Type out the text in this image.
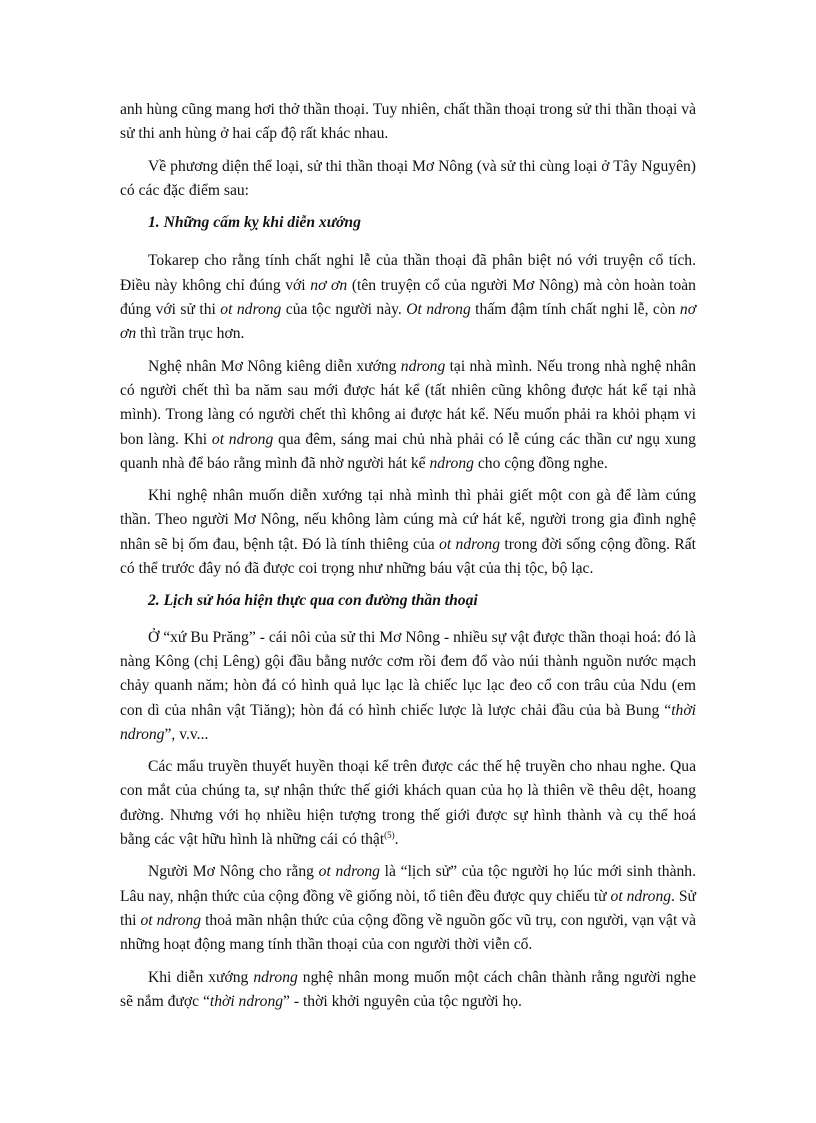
anh hùng cũng mang hơi thở thần thoại. Tuy nhiên, chất thần thoại trong sử thi thần thoại và sử thi anh hùng ở hai cấp độ rất khác nhau.

Về phương diện thể loại, sử thi thần thoại Mơ Nông (và sử thi cùng loại ở Tây Nguyên) có các đặc điểm sau:

1. Những cấm kỵ khi diễn xướng

Tokarep cho rằng tính chất nghi lễ của thần thoại đã phân biệt nó với truyện cổ tích. Điều này không chỉ đúng với nơ ơn (tên truyện cổ của người Mơ Nông) mà còn hoàn toàn đúng với sử thi ot ndrong của tộc người này. Ot ndrong thấm đậm tính chất nghi lễ, còn nơ ơn thì trần trục hơn.

Nghệ nhân Mơ Nông kiêng diễn xướng ndrong tại nhà mình. Nếu trong nhà nghệ nhân có người chết thì ba năm sau mới được hát kể (tất nhiên cũng không được hát kể tại nhà mình). Trong làng có người chết thì không ai được hát kể. Nếu muốn phải ra khỏi phạm vi bon làng. Khi ot ndrong qua đêm, sáng mai chủ nhà phải có lễ cúng các thần cư ngụ xung quanh nhà để báo rằng mình đã nhờ người hát kể ndrong cho cộng đồng nghe.

Khi nghệ nhân muốn diễn xướng tại nhà mình thì phải giết một con gà để làm cúng thần. Theo người Mơ Nông, nếu không làm cúng mà cứ hát kể, người trong gia đình nghệ nhân sẽ bị ốm đau, bệnh tật. Đó là tính thiêng của ot ndrong trong đời sống cộng đồng. Rất có thể trước đây nó đã được coi trọng như những báu vật của thị tộc, bộ lạc.

2. Lịch sử hóa hiện thực qua con đường thần thoại

Ở “xứ Bu Prăng” - cái nôi của sử thi Mơ Nông - nhiều sự vật được thần thoại hoá: đó là nàng Kông (chị Lêng) gội đầu bằng nước cơm rồi đem đổ vào núi thành nguồn nước mạch chảy quanh năm; hòn đá có hình quả lục lạc là chiếc lục lạc đeo cổ con trâu của Ndu (em con dì của nhân vật Tiăng); hòn đá có hình chiếc lược là lược chải đầu của bà Bung “thời ndrong”, v.v...

Các mẩu truyền thuyết huyền thoại kể trên được các thế hệ truyền cho nhau nghe. Qua con mắt của chúng ta, sự nhận thức thế giới khách quan của họ là thiên về thêu dệt, hoang đường. Nhưng với họ nhiều hiện tượng trong thế giới được sự hình thành và cụ thể hoá bằng các vật hữu hình là những cái có thật$^{(5)}$.

Người Mơ Nông cho rằng ot ndrong là “lịch sử” của tộc người họ lúc mới sinh thành. Lâu nay, nhận thức của cộng đồng về giống nòi, tổ tiên đều được quy chiếu từ ot ndrong. Sử thi ot ndrong thoả mãn nhận thức của cộng đồng về nguồn gốc vũ trụ, con người, vạn vật và những hoạt động mang tính thần thoại của con người thời viễn cổ.

Khi diễn xướng ndrong nghệ nhân mong muốn một cách chân thành rằng người nghe sẽ nắm được “thời ndrong” - thời khởi nguyên của tộc người họ.
